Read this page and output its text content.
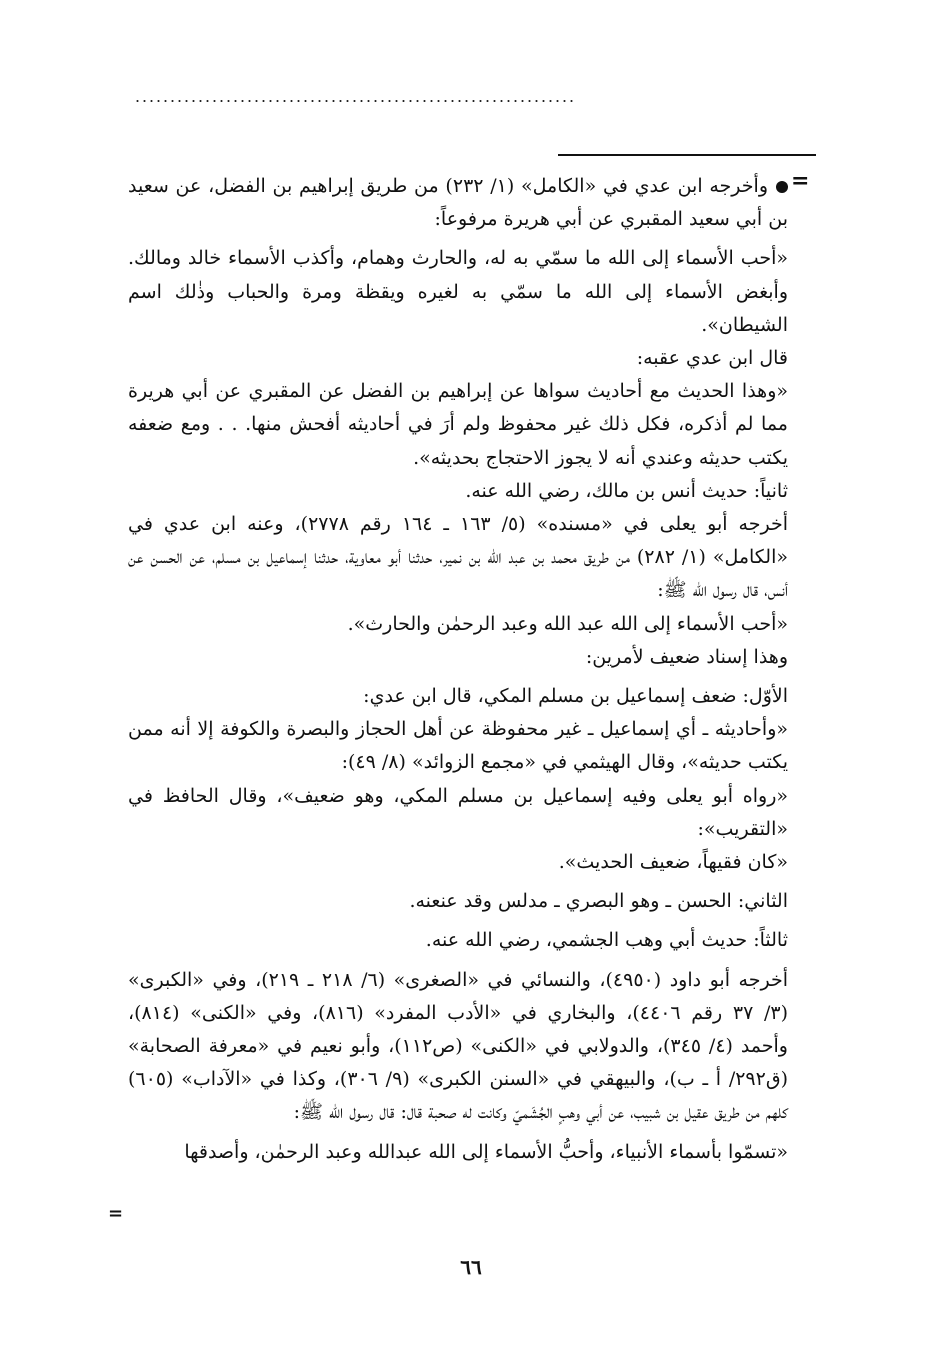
...............................................................
=

وأخرجه ابن عدي في «الكامل» (١/ ٢٣٢) من طريق إبراهيم بن الفضل، عن سعيد بن أبي سعيد المقبري عن أبي هريرة مرفوعاً:

«أحب الأسماء إلى الله ما سمّي به له، والحارث وهمام، وأكذب الأسماء خالد ومالك. وأبغض الأسماء إلى الله ما سمّي به لغيره ويقظة ومرة والحباب وذٰلك اسم الشيطان».

قال ابن عدي عقبه:

«وهذا الحديث مع أحاديث سواها عن إبراهيم بن الفضل عن المقبري عن أبي هريرة مما لم أذكره، فكل ذلك غير محفوظ ولم أرَ في أحاديثه أفحش منها. . . ومع ضعفه يكتب حديثه وعندي أنه لا يجوز الاحتجاج بحديثه».

ثانياً: حديث أنس بن مالك، رضي الله عنه.

أخرجه أبو يعلى في «مسنده» (٥/ ١٦٣ ـ ١٦٤ رقم ٢٧٧٨)، وعنه ابن عدي في «الكامل» (١/ ٢٨٢) من طريق محمد بن عبد الله بن نمير، حدثنا أبو معاوية، حدثنا إسماعيل بن مسلم، عن الحسن عن أنس، قال رسول الله ﷺ:

«أحب الأسماء إلى الله عبد الله وعبد الرحمٰن والحارث».

وهذا إسناد ضعيف لأمرين:

الأوّل: ضعف إسماعيل بن مسلم المكي، قال ابن عدي:

«وأحاديثه ـ أي إسماعيل ـ غير محفوظة عن أهل الحجاز والبصرة والكوفة إلا أنه ممن يكتب حديثه»، وقال الهيثمي في «مجمع الزوائد» (٨/ ٤٩):

«رواه أبو يعلى وفيه إسماعيل بن مسلم المكي، وهو ضعيف»، وقال الحافظ في «التقريب»:

«كان فقيهاً، ضعيف الحديث».

الثاني: الحسن ـ وهو البصري ـ مدلس وقد عنعنه.

ثالثاً: حديث أبي وهب الجشمي، رضي الله عنه.

أخرجه أبو داود (٤٩٥٠)، والنسائي في «الصغرى» (٦/ ٢١٨ ـ ٢١٩)، وفي «الكبرى» (٣/ ٣٧ رقم ٤٤٠٦)، والبخاري في «الأدب المفرد» (٨١٦)، وفي «الكنى» (٨١٤)، وأحمد (٤/ ٣٤٥)، والدولابي في «الكنى» (ص١١٢)، وأبو نعيم في «معرفة الصحابة» (ق٢٩٢/ أ ـ ب)، والبيهقي في «السنن الكبرى» (٩/ ٣٠٦)، وكذا في «الآداب» (٦٠٥) كلهم من طريق عقيل بن شبيب، عن أبي وهبٍ الجُشَميّ وكانت له صحبة قال: قال رسول الله ﷺ:

«تسمّوا بأسماء الأنبياء، وأحبُّ الأسماء إلى الله عبدالله وعبد الرحمٰن، وأصدقها

=
٦٦
